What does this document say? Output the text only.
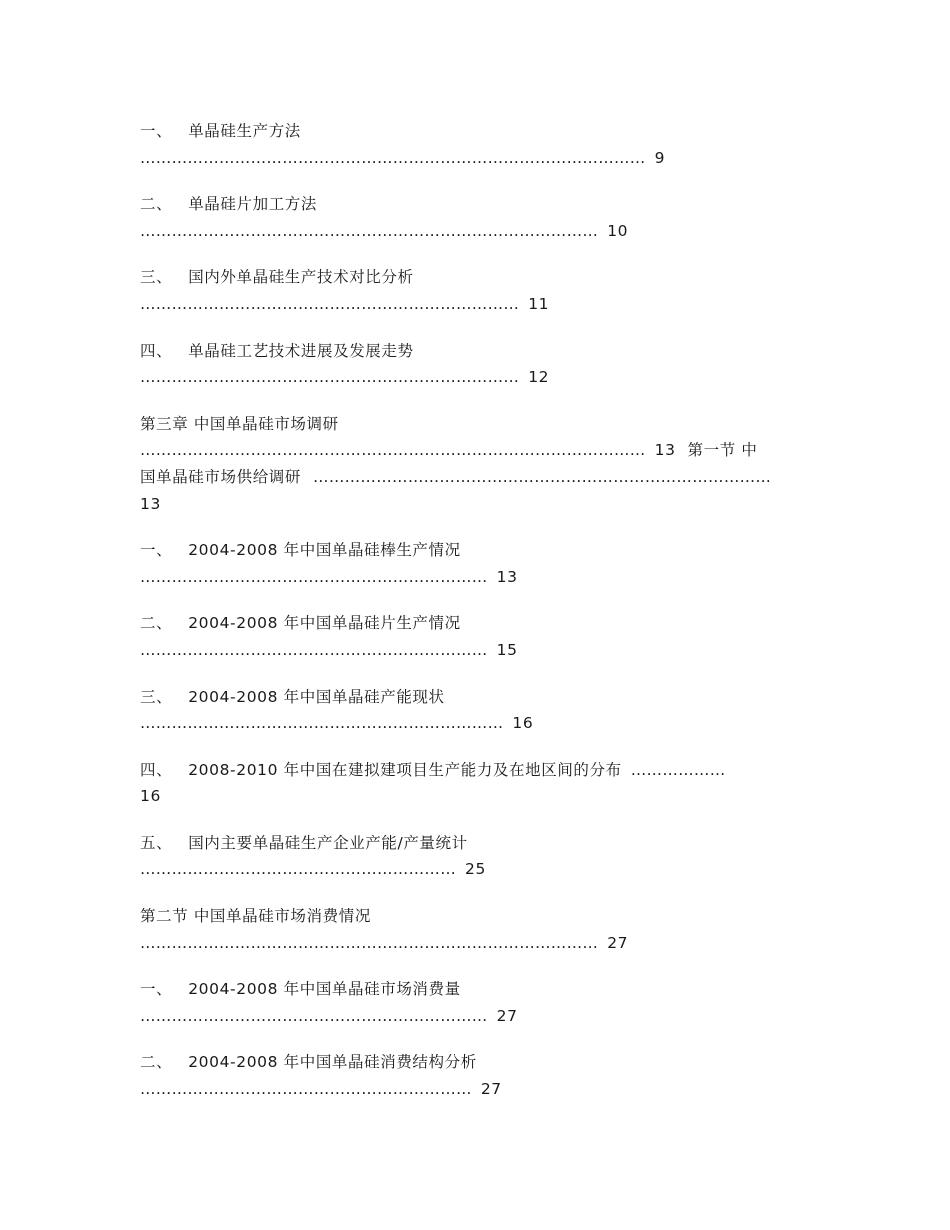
一、 单晶硅生产方法
…………………………………………………………………………………… 9
二、 单晶硅片加工方法
…………………………………………………………………………… 10
三、 国内外单晶硅生产技术对比分析
……………………………………………………………… 11
四、 单晶硅工艺技术进展及发展走势
……………………………………………………………… 12
第三章 中国单晶硅市场调研
…………………………………………………………………………………… 13 第一节 中
国单晶硅市场供给调研 ……………………………………………………………………………
13
一、 2004-2008 年中国单晶硅棒生产情况
………………………………………………………… 13
二、 2004-2008 年中国单晶硅片生产情况
………………………………………………………… 15
三、 2004-2008 年中国单晶硅产能现状
…………………………………………………………… 16
四、 2008-2010 年中国在建拟建项目生产能力及在地区间的分布 ………………
16
五、 国内主要单晶硅生产企业产能/产量统计
…………………………………………………… 25
第二节 中国单晶硅市场消费情况
…………………………………………………………………………… 27
一、 2004-2008 年中国单晶硅市场消费量
………………………………………………………… 27
二、 2004-2008 年中国单晶硅消费结构分析
……………………………………………………… 27
